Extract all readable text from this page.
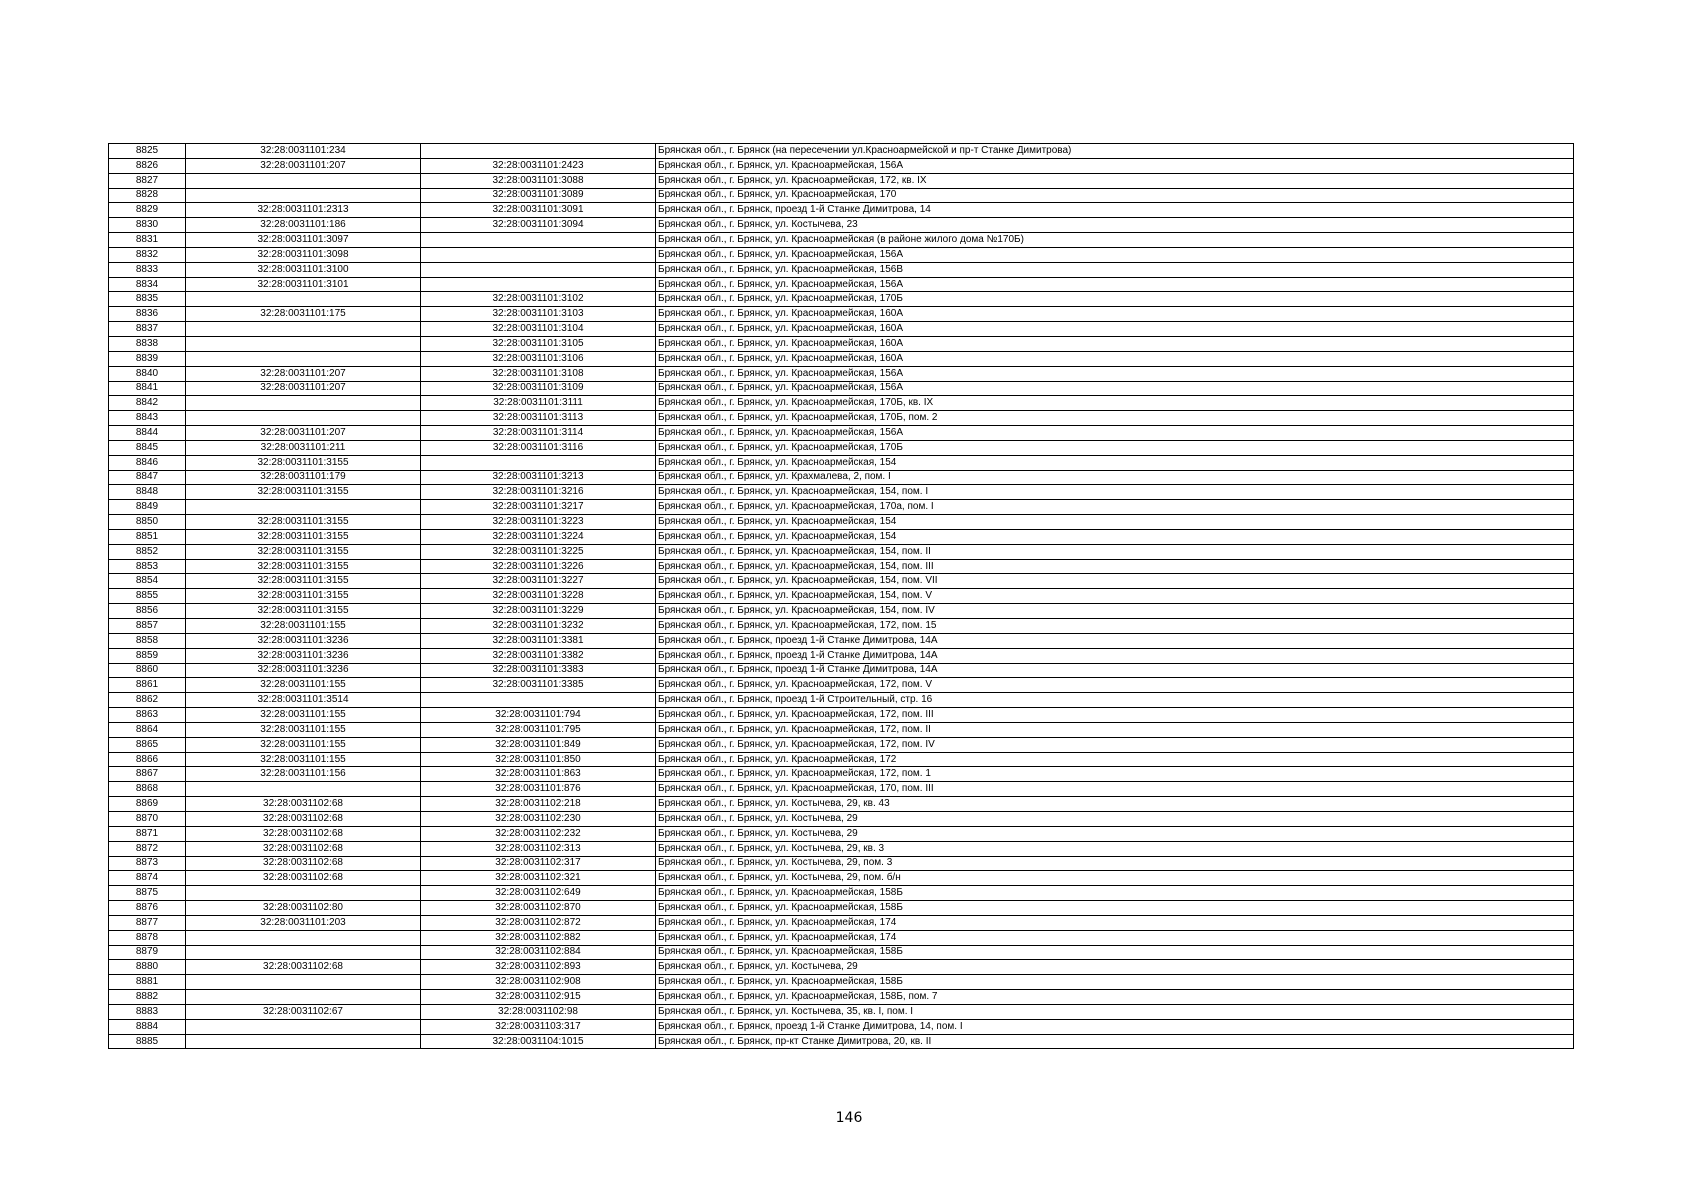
8825	32:28:0031101:234		Брянская обл., г. Брянск (на пересечении ул.Красноармейской и пр-т Станке Димитрова)
8826	32:28:0031101:207	32:28:0031101:2423	Брянская обл., г. Брянск, ул. Красноармейская, 156А
8827		32:28:0031101:3088	Брянская обл., г. Брянск, ул. Красноармейская, 172, кв. IX
8828		32:28:0031101:3089	Брянская обл., г. Брянск, ул. Красноармейская, 170
8829	32:28:0031101:2313	32:28:0031101:3091	Брянская обл., г. Брянск, проезд 1-й Станке Димитрова, 14
8830	32:28:0031101:186	32:28:0031101:3094	Брянская обл., г. Брянск, ул. Костычева, 23
8831	32:28:0031101:3097		Брянская обл., г. Брянск, ул. Красноармейская (в районе жилого дома №170Б)
8832	32:28:0031101:3098		Брянская обл., г. Брянск, ул. Красноармейская, 156А
8833	32:28:0031101:3100		Брянская обл., г. Брянск, ул. Красноармейская, 156В
8834	32:28:0031101:3101		Брянская обл., г. Брянск, ул. Красноармейская, 156А
8835		32:28:0031101:3102	Брянская обл., г. Брянск, ул. Красноармейская, 170Б
8836	32:28:0031101:175	32:28:0031101:3103	Брянская обл., г. Брянск, ул. Красноармейская, 160А
8837		32:28:0031101:3104	Брянская обл., г. Брянск, ул. Красноармейская, 160А
8838		32:28:0031101:3105	Брянская обл., г. Брянск, ул. Красноармейская, 160А
8839		32:28:0031101:3106	Брянская обл., г. Брянск, ул. Красноармейская, 160А
8840	32:28:0031101:207	32:28:0031101:3108	Брянская обл., г. Брянск, ул. Красноармейская, 156А
8841	32:28:0031101:207	32:28:0031101:3109	Брянская обл., г. Брянск, ул. Красноармейская, 156А
8842		32:28:0031101:3111	Брянская обл., г. Брянск, ул. Красноармейская, 170Б, кв. IX
8843		32:28:0031101:3113	Брянская обл., г. Брянск, ул. Красноармейская, 170Б, пом. 2
8844	32:28:0031101:207	32:28:0031101:3114	Брянская обл., г. Брянск, ул. Красноармейская, 156А
8845	32:28:0031101:211	32:28:0031101:3116	Брянская обл., г. Брянск, ул. Красноармейская, 170Б
8846	32:28:0031101:3155		Брянская обл., г. Брянск, ул. Красноармейская, 154
8847	32:28:0031101:179	32:28:0031101:3213	Брянская обл., г. Брянск, ул. Крахмалева, 2, пом. I
8848	32:28:0031101:3155	32:28:0031101:3216	Брянская обл., г. Брянск, ул. Красноармейская, 154, пом. I
8849		32:28:0031101:3217	Брянская обл., г. Брянск, ул. Красноармейская, 170а, пом. I
8850	32:28:0031101:3155	32:28:0031101:3223	Брянская обл., г. Брянск, ул. Красноармейская, 154
8851	32:28:0031101:3155	32:28:0031101:3224	Брянская обл., г. Брянск, ул. Красноармейская, 154
8852	32:28:0031101:3155	32:28:0031101:3225	Брянская обл., г. Брянск, ул. Красноармейская, 154, пом. II
8853	32:28:0031101:3155	32:28:0031101:3226	Брянская обл., г. Брянск, ул. Красноармейская, 154, пом. III
8854	32:28:0031101:3155	32:28:0031101:3227	Брянская обл., г. Брянск, ул. Красноармейская, 154, пом. VII
8855	32:28:0031101:3155	32:28:0031101:3228	Брянская обл., г. Брянск, ул. Красноармейская, 154, пом. V
8856	32:28:0031101:3155	32:28:0031101:3229	Брянская обл., г. Брянск, ул. Красноармейская, 154, пом. IV
8857	32:28:0031101:155	32:28:0031101:3232	Брянская обл., г. Брянск, ул. Красноармейская, 172, пом. 15
8858	32:28:0031101:3236	32:28:0031101:3381	Брянская обл., г. Брянск, проезд 1-й Станке Димитрова, 14А
8859	32:28:0031101:3236	32:28:0031101:3382	Брянская обл., г. Брянск, проезд 1-й Станке Димитрова, 14А
8860	32:28:0031101:3236	32:28:0031101:3383	Брянская обл., г. Брянск, проезд 1-й Станке Димитрова, 14А
8861	32:28:0031101:155	32:28:0031101:3385	Брянская обл., г. Брянск, ул. Красноармейская, 172, пом. V
8862	32:28:0031101:3514		Брянская обл., г. Брянск, проезд 1-й Строительный, стр. 16
8863	32:28:0031101:155	32:28:0031101:794	Брянская обл., г. Брянск, ул. Красноармейская, 172, пом. III
8864	32:28:0031101:155	32:28:0031101:795	Брянская обл., г. Брянск, ул. Красноармейская, 172, пом. II
8865	32:28:0031101:155	32:28:0031101:849	Брянская обл., г. Брянск, ул. Красноармейская, 172, пом. IV
8866	32:28:0031101:155	32:28:0031101:850	Брянская обл., г. Брянск, ул. Красноармейская, 172
8867	32:28:0031101:156	32:28:0031101:863	Брянская обл., г. Брянск, ул. Красноармейская, 172, пом. 1
8868		32:28:0031101:876	Брянская обл., г. Брянск, ул. Красноармейская, 170, пом. III
8869	32:28:0031102:68	32:28:0031102:218	Брянская обл., г. Брянск, ул. Костычева, 29, кв. 43
8870	32:28:0031102:68	32:28:0031102:230	Брянская обл., г. Брянск, ул. Костычева, 29
8871	32:28:0031102:68	32:28:0031102:232	Брянская обл., г. Брянск, ул. Костычева, 29
8872	32:28:0031102:68	32:28:0031102:313	Брянская обл., г. Брянск, ул. Костычева, 29, кв. 3
8873	32:28:0031102:68	32:28:0031102:317	Брянская обл., г. Брянск, ул. Костычева, 29, пом. 3
8874	32:28:0031102:68	32:28:0031102:321	Брянская обл., г. Брянск, ул. Костычева, 29, пом. б/н
8875		32:28:0031102:649	Брянская обл., г. Брянск, ул. Красноармейская, 158Б
8876	32:28:0031102:80	32:28:0031102:870	Брянская обл., г. Брянск, ул. Красноармейская, 158Б
8877	32:28:0031101:203	32:28:0031102:872	Брянская обл., г. Брянск, ул. Красноармейская, 174
8878		32:28:0031102:882	Брянская обл., г. Брянск, ул. Красноармейская, 174
8879		32:28:0031102:884	Брянская обл., г. Брянск, ул. Красноармейская, 158Б
8880	32:28:0031102:68	32:28:0031102:893	Брянская обл., г. Брянск, ул. Костычева, 29
8881		32:28:0031102:908	Брянская обл., г. Брянск, ул. Красноармейская, 158Б
8882		32:28:0031102:915	Брянская обл., г. Брянск, ул. Красноармейская, 158Б, пом. 7
8883	32:28:0031102:67	32:28:0031102:98	Брянская обл., г. Брянск, ул. Костычева, 35, кв. I, пом. I
8884		32:28:0031103:317	Брянская обл., г. Брянск, проезд 1-й Станке Димитрова, 14, пом. I
8885		32:28:0031104:1015	Брянская обл., г. Брянск, пр-кт Станке Димитрова, 20, кв. II
146
